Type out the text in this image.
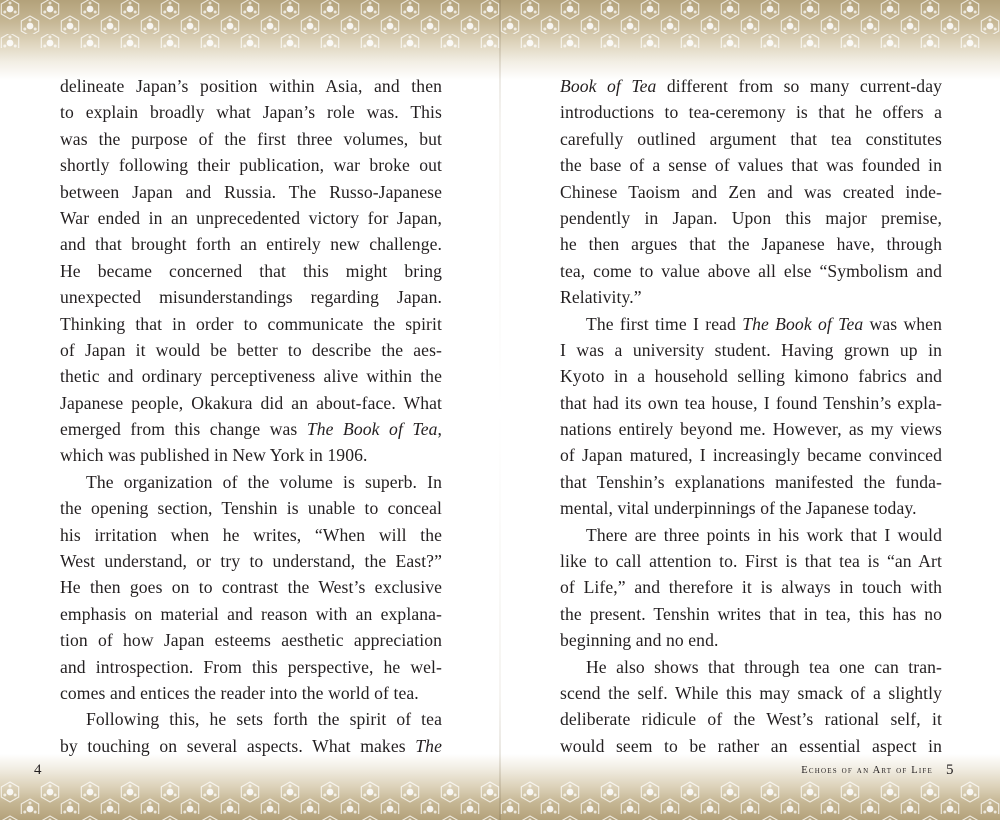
delineate Japan’s position within Asia, and then
to explain broadly what Japan’s role was. This
was the purpose of the first three volumes, but
shortly following their publication, war broke out
between Japan and Russia. The Russo-Japanese
War ended in an unprecedented victory for Japan,
and that brought forth an entirely new challenge.
He became concerned that this might bring
unexpected misunderstandings regarding Japan.
Thinking that in order to communicate the spirit
of Japan it would be better to describe the aes-
thetic and ordinary perceptiveness alive within the
Japanese people, Okakura did an about-face. What
emerged from this change was The Book of Tea,
which was published in New York in 1906.
The organization of the volume is superb. In
the opening section, Tenshin is unable to conceal
his irritation when he writes, “When will the
West understand, or try to understand, the East?”
He then goes on to contrast the West’s exclusive
emphasis on material and reason with an explana-
tion of how Japan esteems aesthetic appreciation
and introspection. From this perspective, he wel-
comes and entices the reader into the world of tea.
Following this, he sets forth the spirit of tea
by touching on several aspects. What makes The
4
Book of Tea different from so many current-day
introductions to tea-ceremony is that he offers a
carefully outlined argument that tea constitutes
the base of a sense of values that was founded in
Chinese Taoism and Zen and was created inde-
pendently in Japan. Upon this major premise,
he then argues that the Japanese have, through
tea, come to value above all else “Symbolism and
Relativity.”
The first time I read The Book of Tea was when
I was a university student. Having grown up in
Kyoto in a household selling kimono fabrics and
that had its own tea house, I found Tenshin’s expla-
nations entirely beyond me. However, as my views
of Japan matured, I increasingly became convinced
that Tenshin’s explanations manifested the funda-
mental, vital underpinnings of the Japanese today.
There are three points in his work that I would
like to call attention to. First is that tea is “an Art
of Life,” and therefore it is always in touch with
the present. Tenshin writes that in tea, this has no
beginning and no end.
He also shows that through tea one can tran-
scend the self. While this may smack of a slightly
deliberate ridicule of the West’s rational self, it
would seem to be rather an essential aspect in
Echoes of an Art of Life 5
